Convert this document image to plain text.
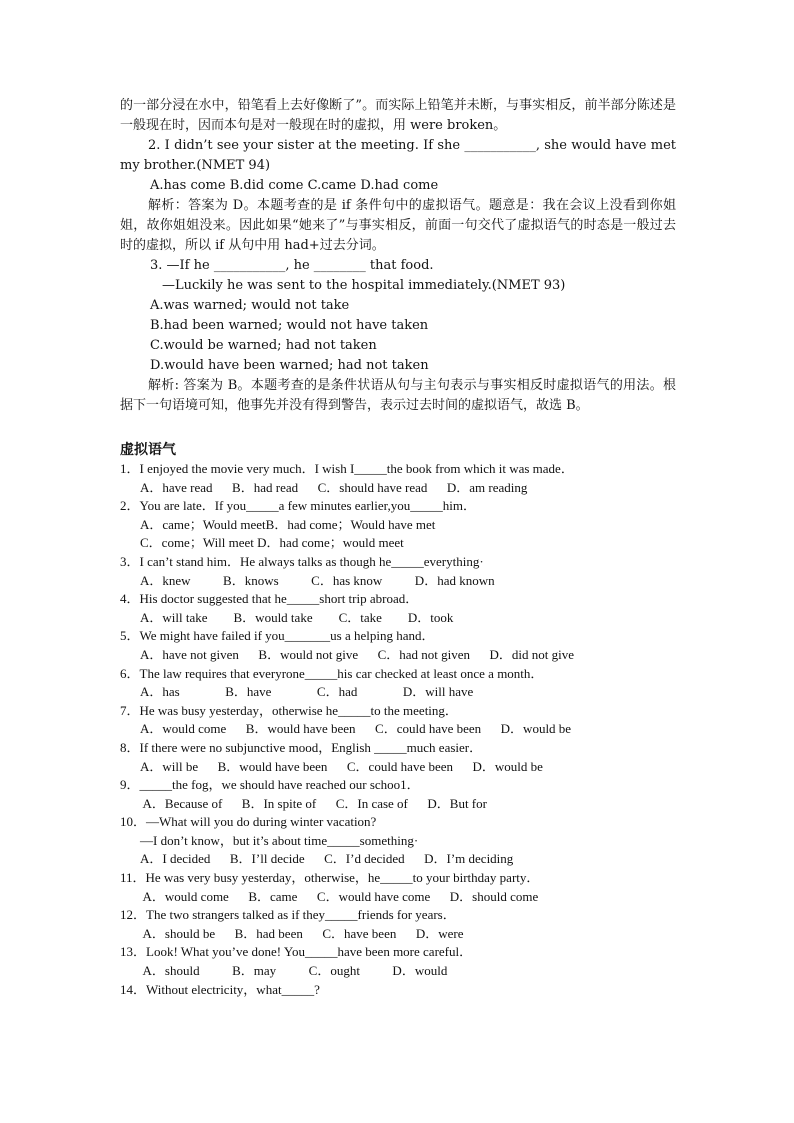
的一部分浸在水中，铅笔看上去好像断了”。而实际上铅笔并未断，与事实相反，前半部分陈述是一般现在时，因而本句是对一般现在时的虚拟，用 were broken。
2. I didn’t see your sister at the meeting. If she ___________, she would have met my brother.(NMET 94)
A.has come B.did come C.came D.had come
解析：答案为 D。本题考查的是 if 条件句中的虚拟语气。题意是：我在会议上没看到你姐姐，故你姐姐没来。因此如果“她来了”与事实相反，前面一句交代了虚拟语气的时态是一般过去时的虚拟，所以 if 从句中用 had+过去分词。
3. —If he ___________, he ________ that food.
—Luckily he was sent to the hospital immediately.(NMET 93)
A.was warned; would not take
B.had been warned; would not have taken
C.would be warned; had not taken
D.would have been warned; had not taken
解析: 答案为 B。本题考查的是条件状语从句与主句表示与事实相反时虚拟语气的用法。根据下一句语境可知，他事先并没有得到警告，表示过去时间的虚拟语气，故选 B。
虚拟语气
1．I enjoyed the movie very much．I wish I_____the book from which it was made．
A．have read      B．had read      C．should have read      D．am reading
2．You are late．If you_____a few minutes earlier,you_____him．
A．came；Would meetB．had come；Would have met
C．come；Will meet D．had come；would meet
3．I can’t stand him．He always talks as though he_____everything·
A．knew          B．knows          C．has know          D．had known
4．His doctor suggested that he_____short trip abroad．
A．will take        B．would take        C．take        D．took
5．We might have failed if you_______us a helping hand．
A．have not given      B．would not give      C．had not given      D．did not give
6．The law requires that everyrone_____his car checked at least once a month．
A．has              B．have              C．had              D．will have
7．He was busy yesterday，otherwise he_____to the meeting．
A．would come      B．would have been      C．could have been      D．would be
8．If there were no subjunctive mood，English _____much easier．
A．will be      B．would have been      C．could have been      D．would be
9．_____the fog，we should have reached our schoo1．
A．Because of      B．In spite of      C．In case of      D．But for
10．—What will you do during winter vacation?
—I don’t know，but it’s about time_____something·
A．I decided      B．I’ll decide      C．I’d decided      D．I’m deciding
11．He was very busy yesterday，otherwise，he_____to your birthday party．
A．would come      B．came      C．would have come      D．should come
12．The two strangers talked as if they_____friends for years．
A．should be      B．had been      C．have been      D．were
13．Look! What you’ve done! You_____have been more careful．
A．should          B．may          C．ought          D．would
14．Without electricity，what_____?
